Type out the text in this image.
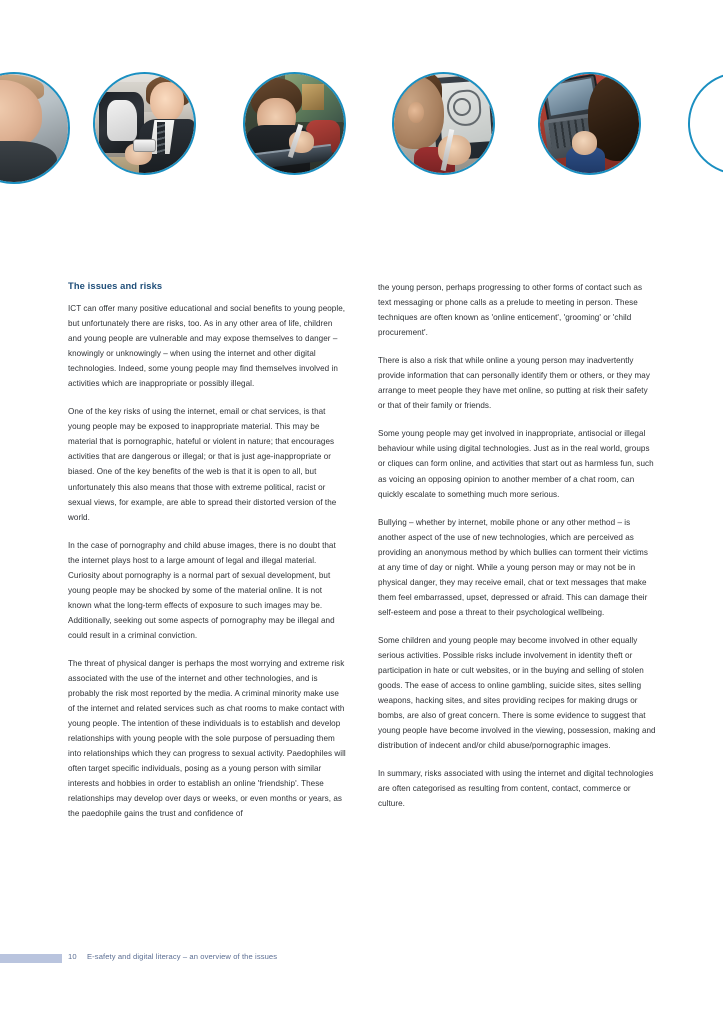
The issues and risks

ICT can offer many positive educational and social benefits to young people, but unfortunately there are risks, too. As in any other area of life, children and young people are vulnerable and may expose themselves to danger – knowingly or unknowingly – when using the internet and other digital technologies. Indeed, some young people may find themselves involved in activities which are inappropriate or possibly illegal.

One of the key risks of using the internet, email or chat services, is that young people may be exposed to inappropriate material. This may be material that is pornographic, hateful or violent in nature; that encourages activities that are dangerous or illegal; or that is just age-inappropriate or biased. One of the key benefits of the web is that it is open to all, but unfortunately this also means that those with extreme political, racist or sexual views, for example, are able to spread their distorted version of the world.

In the case of pornography and child abuse images, there is no doubt that the internet plays host to a large amount of legal and illegal material. Curiosity about pornography is a normal part of sexual development, but young people may be shocked by some of the material online. It is not known what the long-term effects of exposure to such images may be. Additionally, seeking out some aspects of pornography may be illegal and could result in a criminal conviction.

The threat of physical danger is perhaps the most worrying and extreme risk associated with the use of the internet and other technologies, and is probably the risk most reported by the media. A criminal minority make use of the internet and related services such as chat rooms to make contact with young people. The intention of these individuals is to establish and develop relationships with young people with the sole purpose of persuading them into relationships which they can progress to sexual activity. Paedophiles will often target specific individuals, posing as a young person with similar interests and hobbies in order to establish an online 'friendship'. These relationships may develop over days or weeks, or even months or years, as the paedophile gains the trust and confidence of

the young person, perhaps progressing to other forms of contact such as text messaging or phone calls as a prelude to meeting in person. These techniques are often known as 'online enticement', 'grooming' or 'child procurement'.

There is also a risk that while online a young person may inadvertently provide information that can personally identify them or others, or they may arrange to meet people they have met online, so putting at risk their safety or that of their family or friends.

Some young people may get involved in inappropriate, antisocial or illegal behaviour while using digital technologies. Just as in the real world, groups or cliques can form online, and activities that start out as harmless fun, such as voicing an opposing opinion to another member of a chat room, can quickly escalate to something much more serious.

Bullying – whether by internet, mobile phone or any other method – is another aspect of the use of new technologies, which are perceived as providing an anonymous method by which bullies can torment their victims at any time of day or night. While a young person may or may not be in physical danger, they may receive email, chat or text messages that make them feel embarrassed, upset, depressed or afraid. This can damage their self-esteem and pose a threat to their psychological wellbeing.

Some children and young people may become involved in other equally serious activities. Possible risks include involvement in identity theft or participation in hate or cult websites, or in the buying and selling of stolen goods. The ease of access to online gambling, suicide sites, sites selling weapons, hacking sites, and sites providing recipes for making drugs or bombs, are also of great concern. There is some evidence to suggest that young people have become involved in the viewing, possession, making and distribution of indecent and/or child abuse/pornographic images.

In summary, risks associated with using the internet and digital technologies are often categorised as resulting from content, contact, commerce or culture.

10 E-safety and digital literacy – an overview of the issues
